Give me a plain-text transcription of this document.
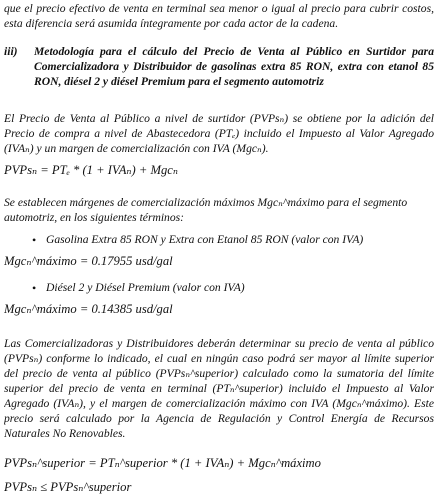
que el precio efectivo de venta en terminal sea menor o igual al precio para cubrir costos,
esta diferencia será asumida íntegramente por cada actor de la cadena.
iii) Metodología para el cálculo del Precio de Venta al Público en Surtidor para
Comercializadora y Distribuidor de gasolinas extra 85 RON, extra con etanol 85
RON, diésel 2 y diésel Premium para el segmento automotriz
El Precio de Venta al Público a nivel de surtidor (PVPsₙ) se obtiene por la adición del
Precio de compra a nivel de Abastecedora (PTₑ) incluido el Impuesto al Valor Agregado
(IVAₙ) y un margen de comercialización con IVA (Mgcₙ).
PVPsₙ = PTₑ * (1 + IVAₙ) + Mgcₙ
Se establecen márgenes de comercialización máximos Mgcₙ^máximo para el segmento
automotriz, en los siguientes términos:
• Gasolina Extra 85 RON y Extra con Etanol 85 RON (valor con IVA)
Mgcₙ^máximo = 0.17955 usd/gal
• Diésel 2 y Diésel Premium (valor con IVA)
Mgcₙ^máximo = 0.14385 usd/gal
Las Comercializadoras y Distribuidores deberán determinar su precio de venta al público
(PVPsₙ) conforme lo indicado, el cual en ningún caso podrá ser mayor al límite superior
del precio de venta al público (PVPsₙ^superior) calculado como la sumatoria del límite
superior del precio de venta en terminal (PTₙ^superior) incluido el Impuesto al Valor
Agregado (IVAₙ), y el margen de comercialización máximo con IVA (Mgcₙ^máximo). Este
precio será calculado por la Agencia de Regulación y Control Energía de Recursos
Naturales No Renovables.
PVPsₙ^superior = PTₙ^superior * (1 + IVAₙ) + Mgcₙ^máximo
PVPsₙ ≤ PVPsₙ^superior
